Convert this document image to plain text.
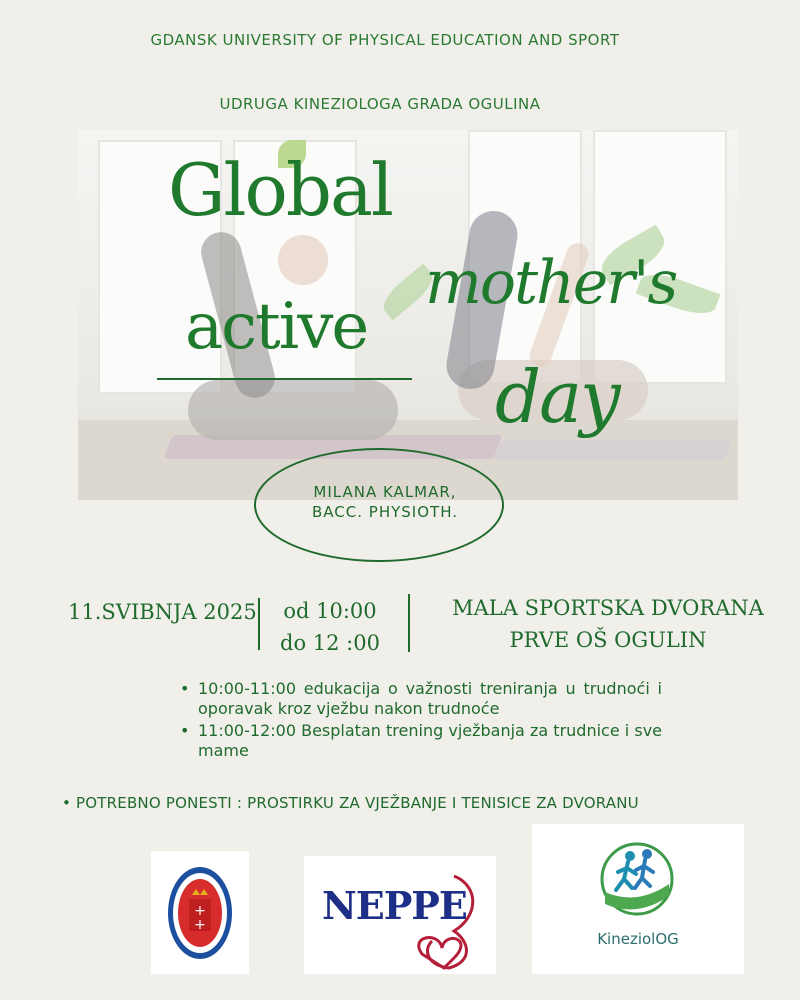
GDANSK UNIVERSITY OF PHYSICAL EDUCATION AND SPORT
UDRUGA KINEZIOLOGA GRADA OGULINA
Global
active
mother's
day
MILANA KALMAR,
BACC. PHYSIOTH.
11.SVIBNJA 2025 od 10:00
do 12 :00
MALA SPORTSKA DVORANA
PRVE OŠ OGULIN
• 10:00-11:00 edukacija o važnosti treniranja u trudnoći i oporavak kroz vježbu nakon trudnoće
• 11:00-12:00 Besplatan trening vježbanja za trudnice i sve mame
• POTREBNO PONESTI : PROSTIRKU ZA VJEŽBANJE I TENISICE ZA DVORANU
+
+	NEPPE
KineziolOG
